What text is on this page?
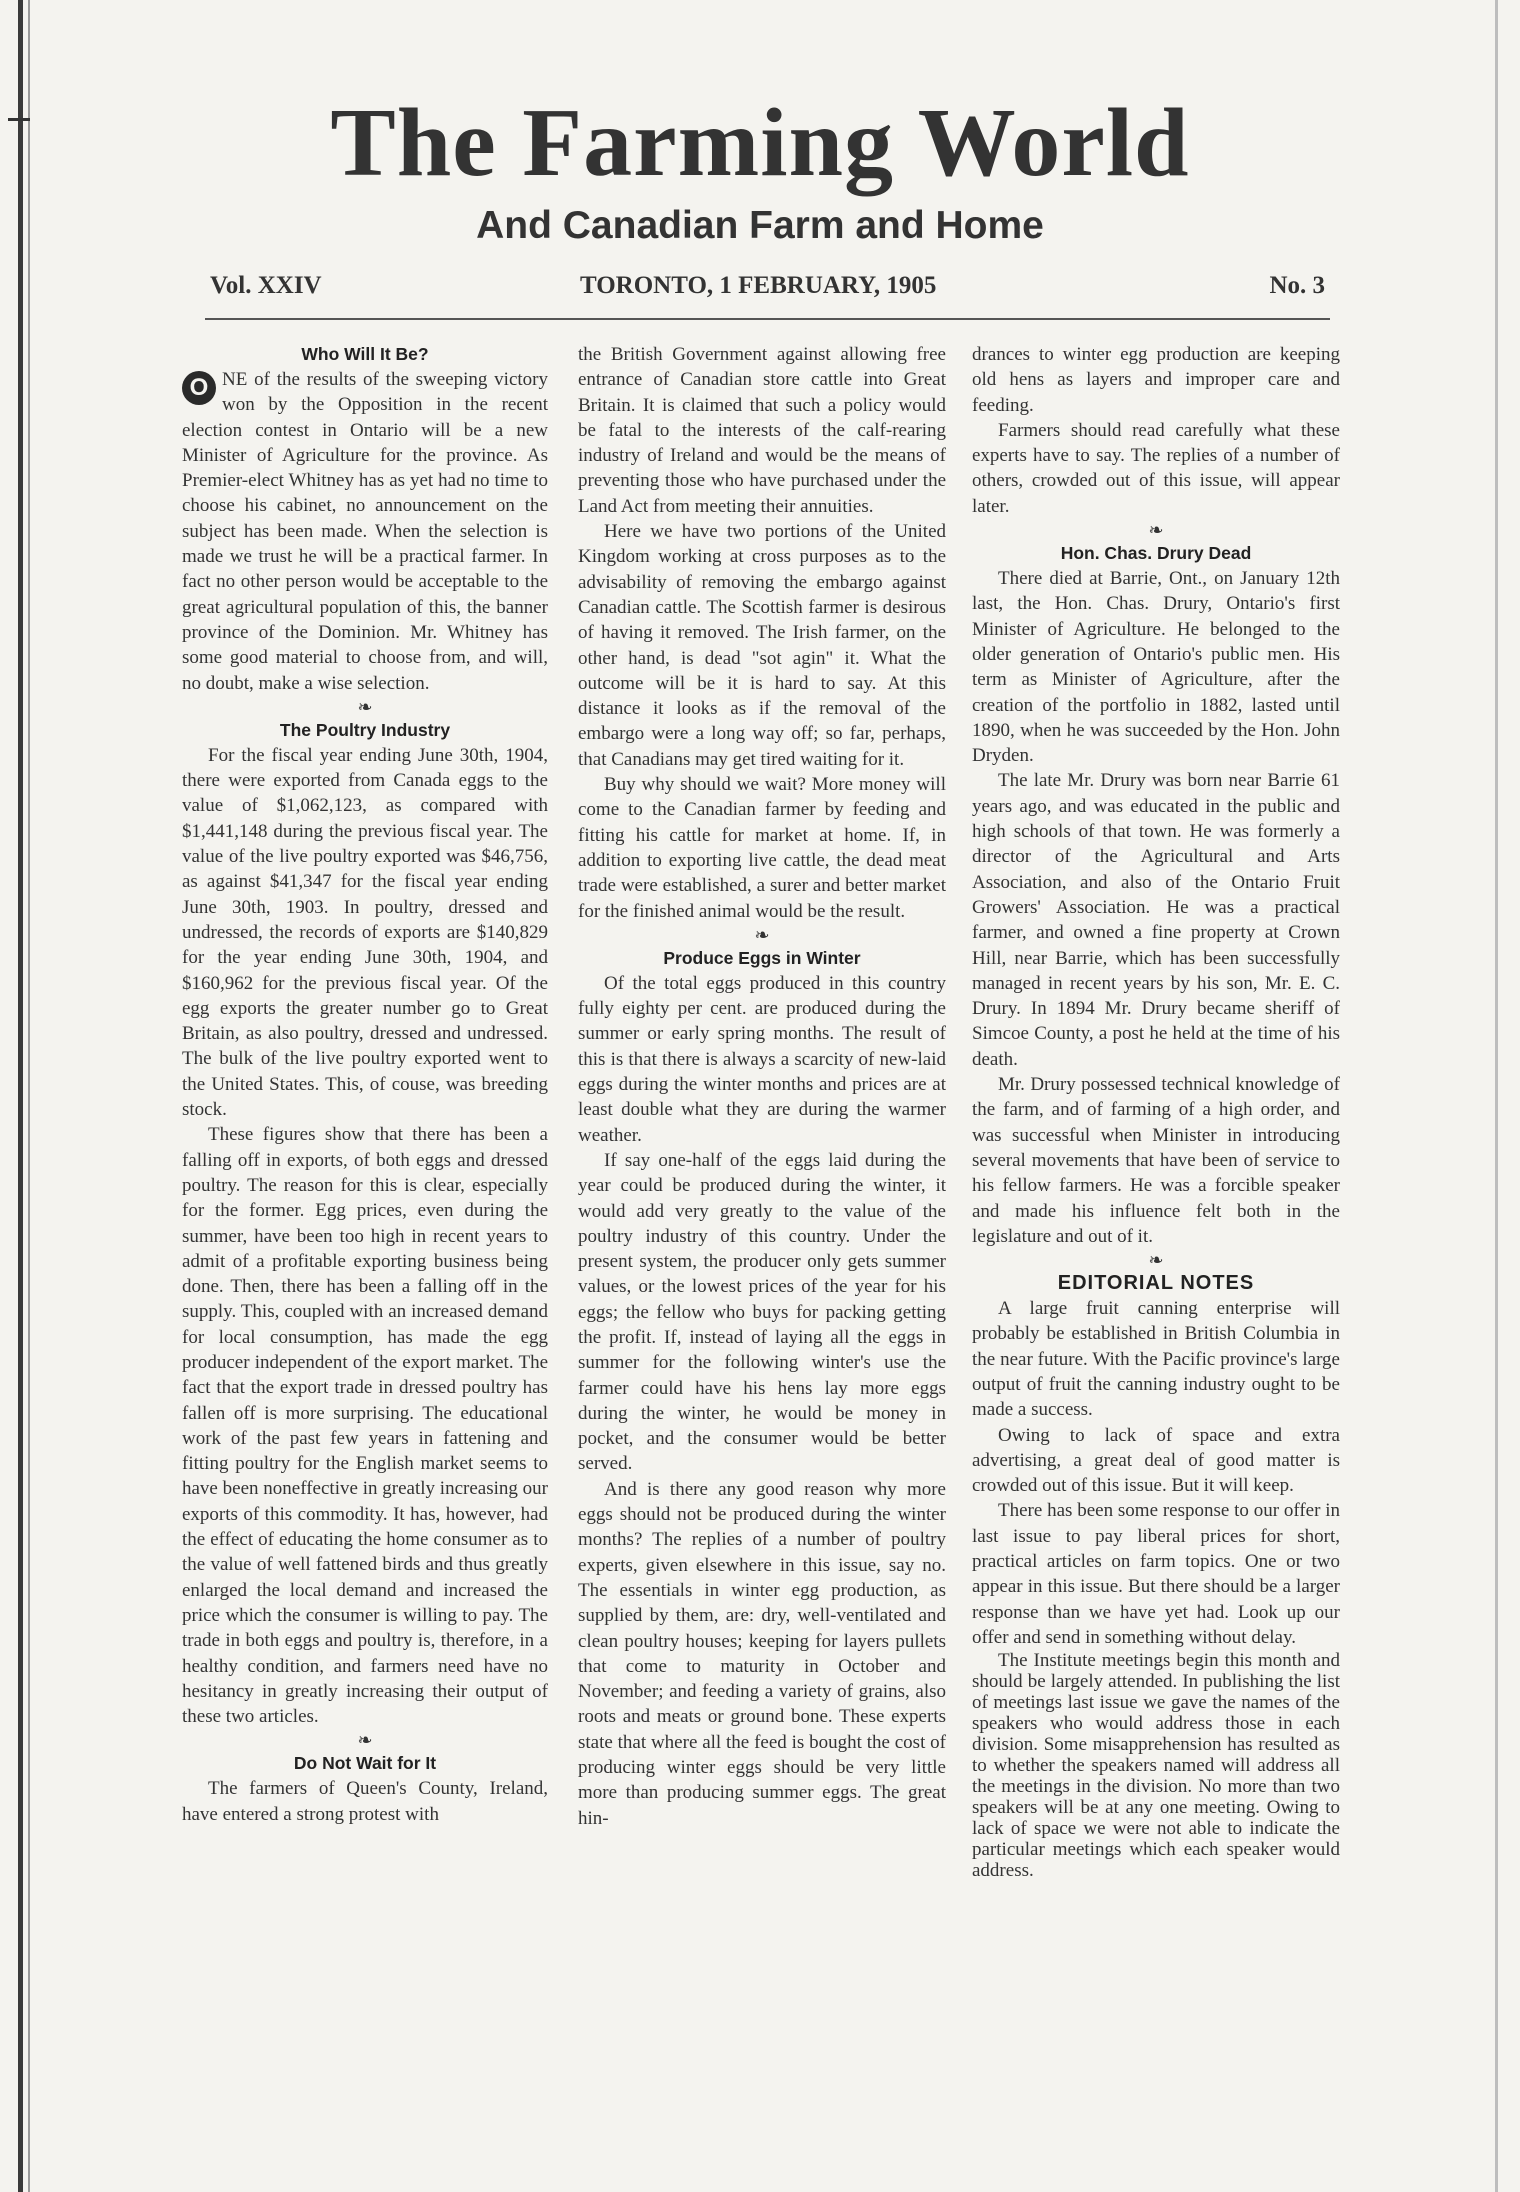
The Farming World
And Canadian Farm and Home
Vol. XXIV	TORONTO, 1 FEBRUARY, 1905	No. 3
Who Will It Be?

O NE of the results of the sweeping victory won by the Opposition in the recent election contest in Ontario will be a new Minister of Agriculture for the province. As Premier-elect Whitney has as yet had no time to choose his cabinet, no announcement on the subject has been made. When the selection is made we trust he will be a practical farmer. In fact no other person would be acceptable to the great agricultural population of this, the banner province of the Dominion. Mr. Whitney has some good material to choose from, and will, no doubt, make a wise selection.

❧
The Poultry Industry

For the fiscal year ending June 30th, 1904, there were exported from Canada eggs to the value of $1,062,123, as compared with $1,441,148 during the previous fiscal year. The value of the live poultry exported was $46,756, as against $41,347 for the fiscal year ending June 30th, 1903. In poultry, dressed and undressed, the records of exports are $140,829 for the year ending June 30th, 1904, and $160,962 for the previous fiscal year. Of the egg exports the greater number go to Great Britain, as also poultry, dressed and undressed. The bulk of the live poultry exported went to the United States. This, of couse, was breeding stock.

These figures show that there has been a falling off in exports, of both eggs and dressed poultry. The reason for this is clear, especially for the former. Egg prices, even during the summer, have been too high in recent years to admit of a profitable exporting business being done. Then, there has been a falling off in the supply. This, coupled with an increased demand for local consumption, has made the egg producer independent of the export market. The fact that the export trade in dressed poultry has fallen off is more surprising. The educational work of the past few years in fattening and fitting poultry for the English market seems to have been noneffective in greatly increasing our exports of this commodity. It has, however, had the effect of educating the home consumer as to the value of well fattened birds and thus greatly enlarged the local demand and increased the price which the consumer is willing to pay. The trade in both eggs and poultry is, therefore, in a healthy condition, and farmers need have no hesitancy in greatly increasing their output of these two articles.

❧
Do Not Wait for It

The farmers of Queen's County, Ireland, have entered a strong protest with

the British Government against allowing free entrance of Canadian store cattle into Great Britain. It is claimed that such a policy would be fatal to the interests of the calf-rearing industry of Ireland and would be the means of preventing those who have purchased under the Land Act from meeting their annuities.

Here we have two portions of the United Kingdom working at cross purposes as to the advisability of removing the embargo against Canadian cattle. The Scottish farmer is desirous of having it removed. The Irish farmer, on the other hand, is dead "sot agin" it. What the outcome will be it is hard to say. At this distance it looks as if the removal of the embargo were a long way off; so far, perhaps, that Canadians may get tired waiting for it.

Buy why should we wait? More money will come to the Canadian farmer by feeding and fitting his cattle for market at home. If, in addition to exporting live cattle, the dead meat trade were established, a surer and better market for the finished animal would be the result.

❧
Produce Eggs in Winter

Of the total eggs produced in this country fully eighty per cent. are produced during the summer or early spring months. The result of this is that there is always a scarcity of new-laid eggs during the winter months and prices are at least double what they are during the warmer weather.

If say one-half of the eggs laid during the year could be produced during the winter, it would add very greatly to the value of the poultry industry of this country. Under the present system, the producer only gets summer values, or the lowest prices of the year for his eggs; the fellow who buys for packing getting the profit. If, instead of laying all the eggs in summer for the following winter's use the farmer could have his hens lay more eggs during the winter, he would be money in pocket, and the consumer would be better served.

And is there any good reason why more eggs should not be produced during the winter months? The replies of a number of poultry experts, given elsewhere in this issue, say no. The essentials in winter egg production, as supplied by them, are: dry, well-ventilated and clean poultry houses; keeping for layers pullets that come to maturity in October and November; and feeding a variety of grains, also roots and meats or ground bone. These experts state that where all the feed is bought the cost of producing winter eggs should be very little more than producing summer eggs. The great hin-

drances to winter egg production are keeping old hens as layers and improper care and feeding.

Farmers should read carefully what these experts have to say. The replies of a number of others, crowded out of this issue, will appear later.

❧
Hon. Chas. Drury Dead

There died at Barrie, Ont., on January 12th last, the Hon. Chas. Drury, Ontario's first Minister of Agriculture. He belonged to the older generation of Ontario's public men. His term as Minister of Agriculture, after the creation of the portfolio in 1882, lasted until 1890, when he was succeeded by the Hon. John Dryden.

The late Mr. Drury was born near Barrie 61 years ago, and was educated in the public and high schools of that town. He was formerly a director of the Agricultural and Arts Association, and also of the Ontario Fruit Growers' Association. He was a practical farmer, and owned a fine property at Crown Hill, near Barrie, which has been successfully managed in recent years by his son, Mr. E. C. Drury. In 1894 Mr. Drury became sheriff of Simcoe County, a post he held at the time of his death.

Mr. Drury possessed technical knowledge of the farm, and of farming of a high order, and was successful when Minister in introducing several movements that have been of service to his fellow farmers. He was a forcible speaker and made his influence felt both in the legislature and out of it.

❧
EDITORIAL NOTES

A large fruit canning enterprise will probably be established in British Columbia in the near future. With the Pacific province's large output of fruit the canning industry ought to be made a success.

Owing to lack of space and extra advertising, a great deal of good matter is crowded out of this issue. But it will keep.

There has been some response to our offer in last issue to pay liberal prices for short, practical articles on farm topics. One or two appear in this issue. But there should be a larger response than we have yet had. Look up our offer and send in something without delay.

The Institute meetings begin this month and should be largely attended. In publishing the list of meetings last issue we gave the names of the speakers who would address those in each division. Some misapprehension has resulted as to whether the speakers named will address all the meetings in the division. No more than two speakers will be at any one meeting. Owing to lack of space we were not able to indicate the particular meetings which each speaker would address.
